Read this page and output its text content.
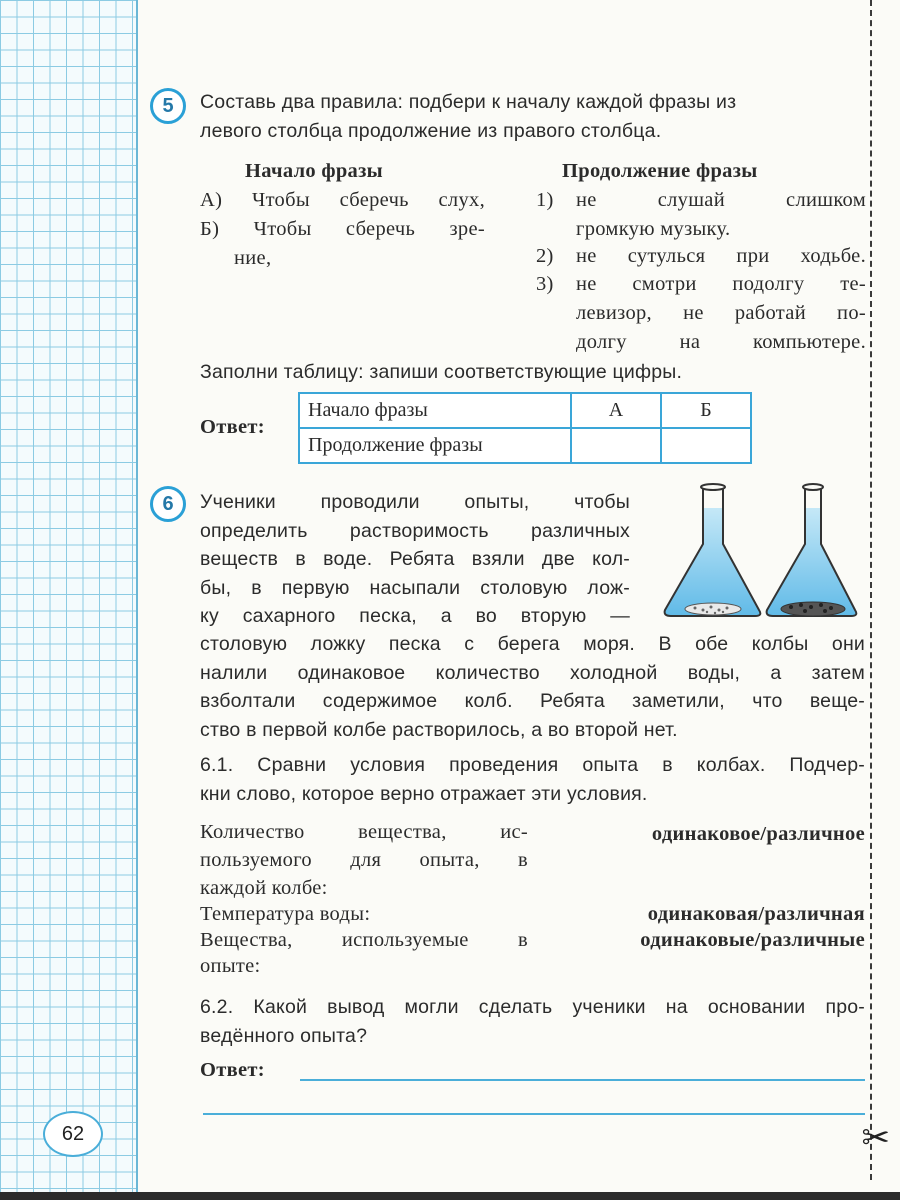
✂
5	Составь два правила: подбери к началу каждой фразы из
левого столбца продолжение из правого столбца.
Начало фразы	Продолжение фразы
А) Чтобы сберечь слух,
Б) Чтобы сберечь зре-
ние,
1) не слушай слишком
громкую музыку.
2) не сутулься при ходьбе.
3) не смотри подолгу те-
левизор, не работай по-
долгу на компьютере.
Заполни таблицу: запиши соответствующие цифры.
Ответ:
Начало фразы	А	Б
Продолжение фразы		
6	Ученики проводили опыты, чтобы
определить растворимость различных
веществ в воде. Ребята взяли две кол-
бы, в первую насыпали столовую лож-
ку сахарного песка, а во вторую —
столовую ложку песка с берега моря. В обе колбы они
налили одинаковое количество холодной воды, а затем
взболтали содержимое колб. Ребята заметили, что веще-
ство в первой колбе растворилось, а во второй нет.
6.1. Сравни условия проведения опыта в колбах. Подчер-
кни слово, которое верно отражает эти условия.
Количество вещества, ис-
пользуемого для опыта, в
каждой колбе:
одинаковое/различное
Температура воды:	одинаковая/различная
Вещества, используемые в
опыте:
одинаковые/различные
6.2. Какой вывод могли сделать ученики на основании про-
ведённого опыта?
Ответ:
62
